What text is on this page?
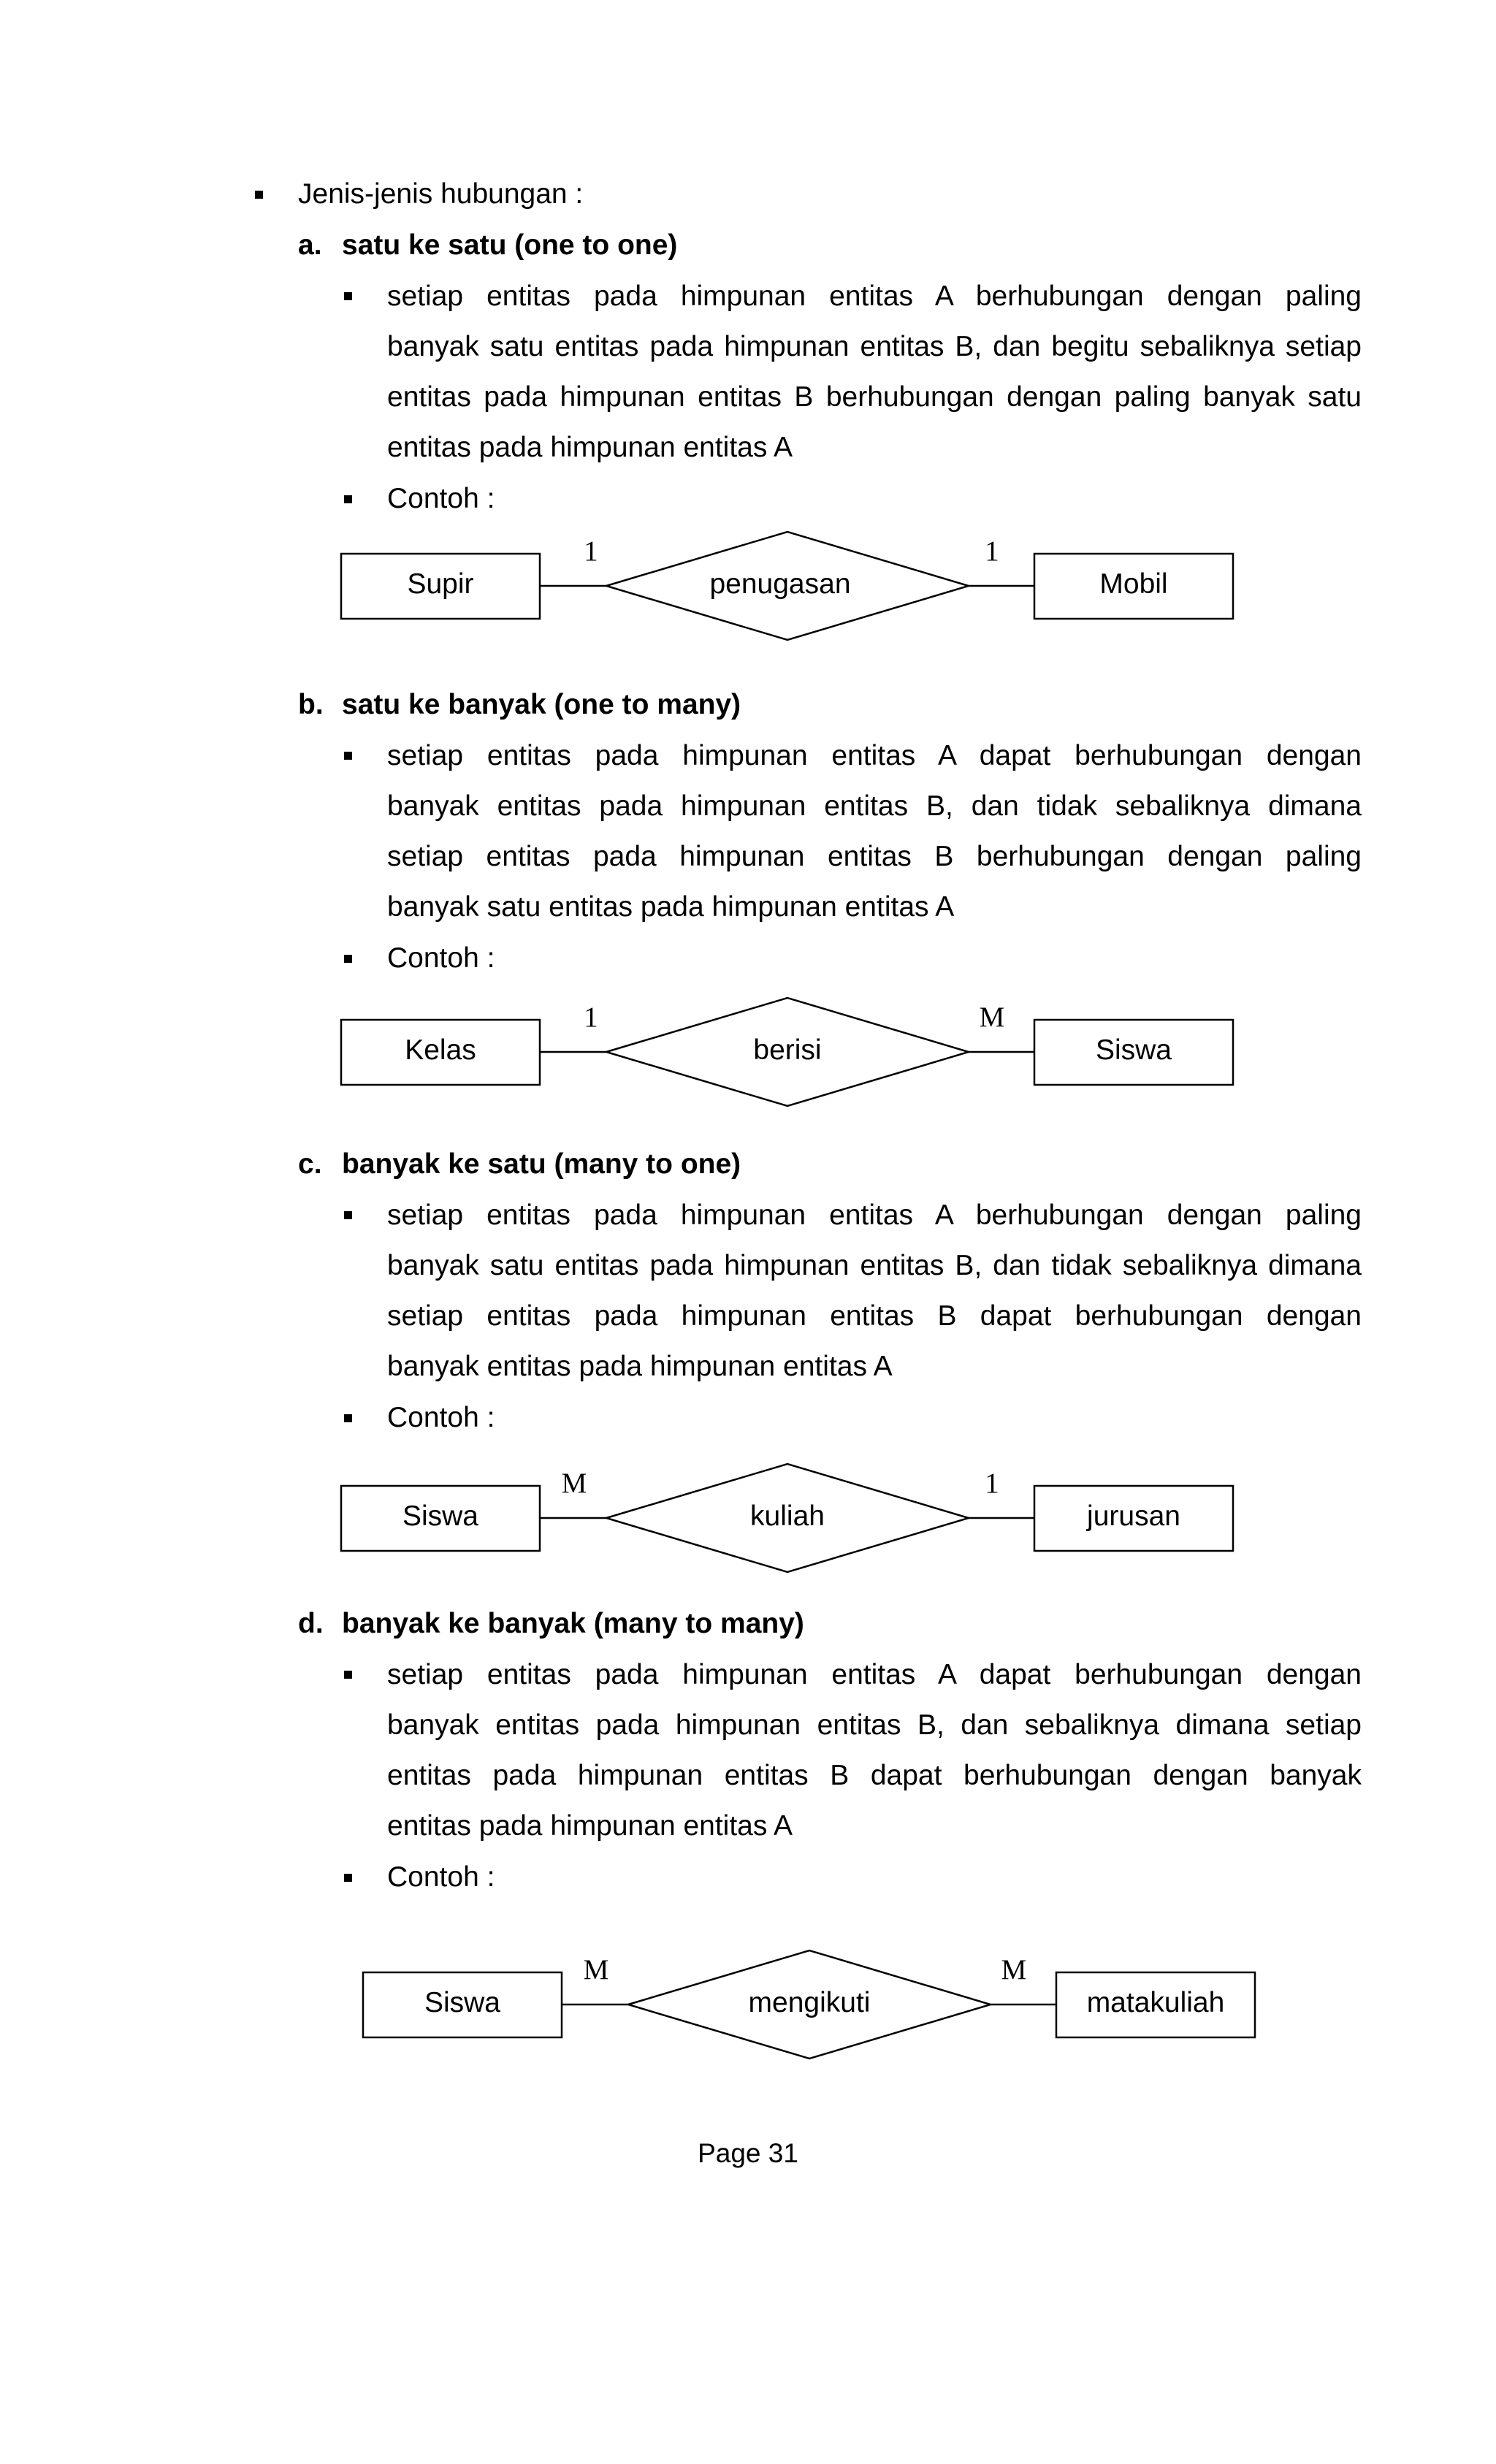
Jenis-jenis hubungan :
a. satu ke satu (one to one)
setiap entitas pada himpunan entitas A berhubungan dengan paling
banyak satu entitas pada himpunan entitas B, dan begitu sebaliknya setiap
entitas pada himpunan entitas B berhubungan dengan paling banyak satu
entitas pada himpunan entitas A
Contoh :
Supir	penugasan	Mobil
1	1
b. satu ke banyak (one to many)
setiap entitas pada himpunan entitas A dapat berhubungan dengan
banyak entitas pada himpunan entitas B, dan tidak sebaliknya dimana
setiap entitas pada himpunan entitas B berhubungan dengan paling
banyak satu entitas pada himpunan entitas A
Contoh :
Kelas	berisi	Siswa
1	M
c. banyak ke satu (many to one)
setiap entitas pada himpunan entitas A berhubungan dengan paling
banyak satu entitas pada himpunan entitas B, dan tidak sebaliknya dimana
setiap entitas pada himpunan entitas B dapat berhubungan dengan
banyak entitas pada himpunan entitas A
Contoh :
Siswa	kuliah	jurusan
M	1
d. banyak ke banyak (many to many)
setiap entitas pada himpunan entitas A dapat berhubungan dengan
banyak entitas pada himpunan entitas B, dan sebaliknya dimana setiap
entitas pada himpunan entitas B dapat berhubungan dengan banyak
entitas pada himpunan entitas A
Contoh :
Siswa	mengikuti	matakuliah
M	M
Page 31
